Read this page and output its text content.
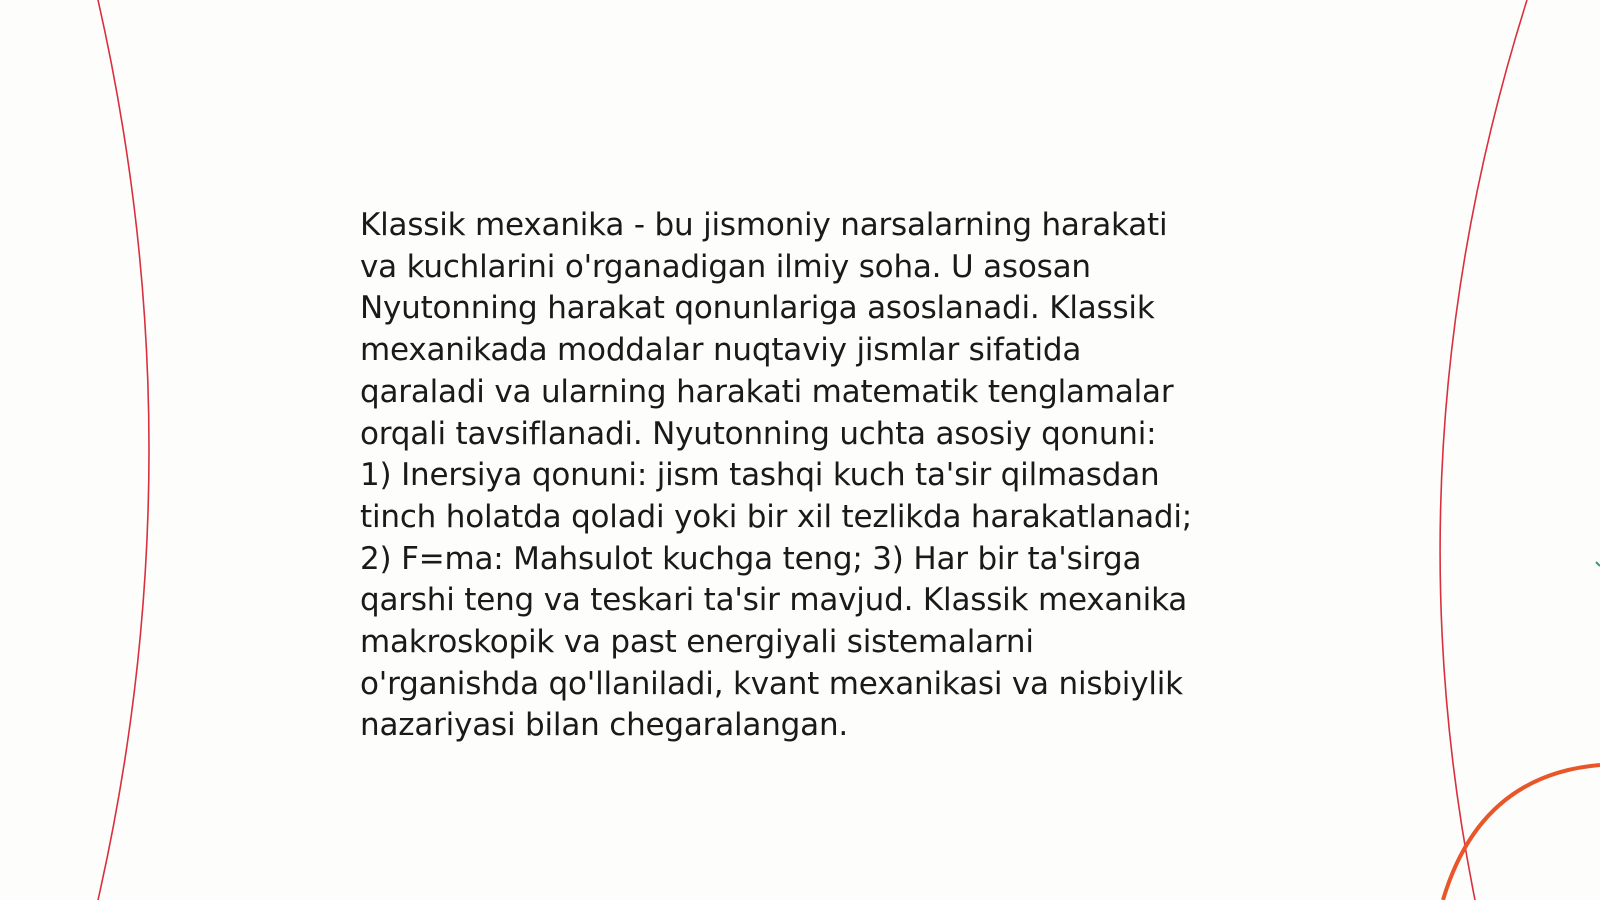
Klassik mexanika - bu jismoniy narsalarning harakati
va kuchlarini o'rganadigan ilmiy soha. U asosan
Nyutonning harakat qonunlariga asoslanadi. Klassik
mexanikada moddalar nuqtaviy jismlar sifatida
qaraladi va ularning harakati matematik tenglamalar
orqali tavsiflanadi. Nyutonning uchta asosiy qonuni:
1) Inersiya qonuni: jism tashqi kuch ta'sir qilmasdan
tinch holatda qoladi yoki bir xil tezlikda harakatlanadi;
2) F=ma: Mahsulot kuchga teng; 3) Har bir ta'sirga
qarshi teng va teskari ta'sir mavjud. Klassik mexanika
makroskopik va past energiyali sistemalarni
o'rganishda qo'llaniladi, kvant mexanikasi va nisbiylik
nazariyasi bilan chegaralangan.
